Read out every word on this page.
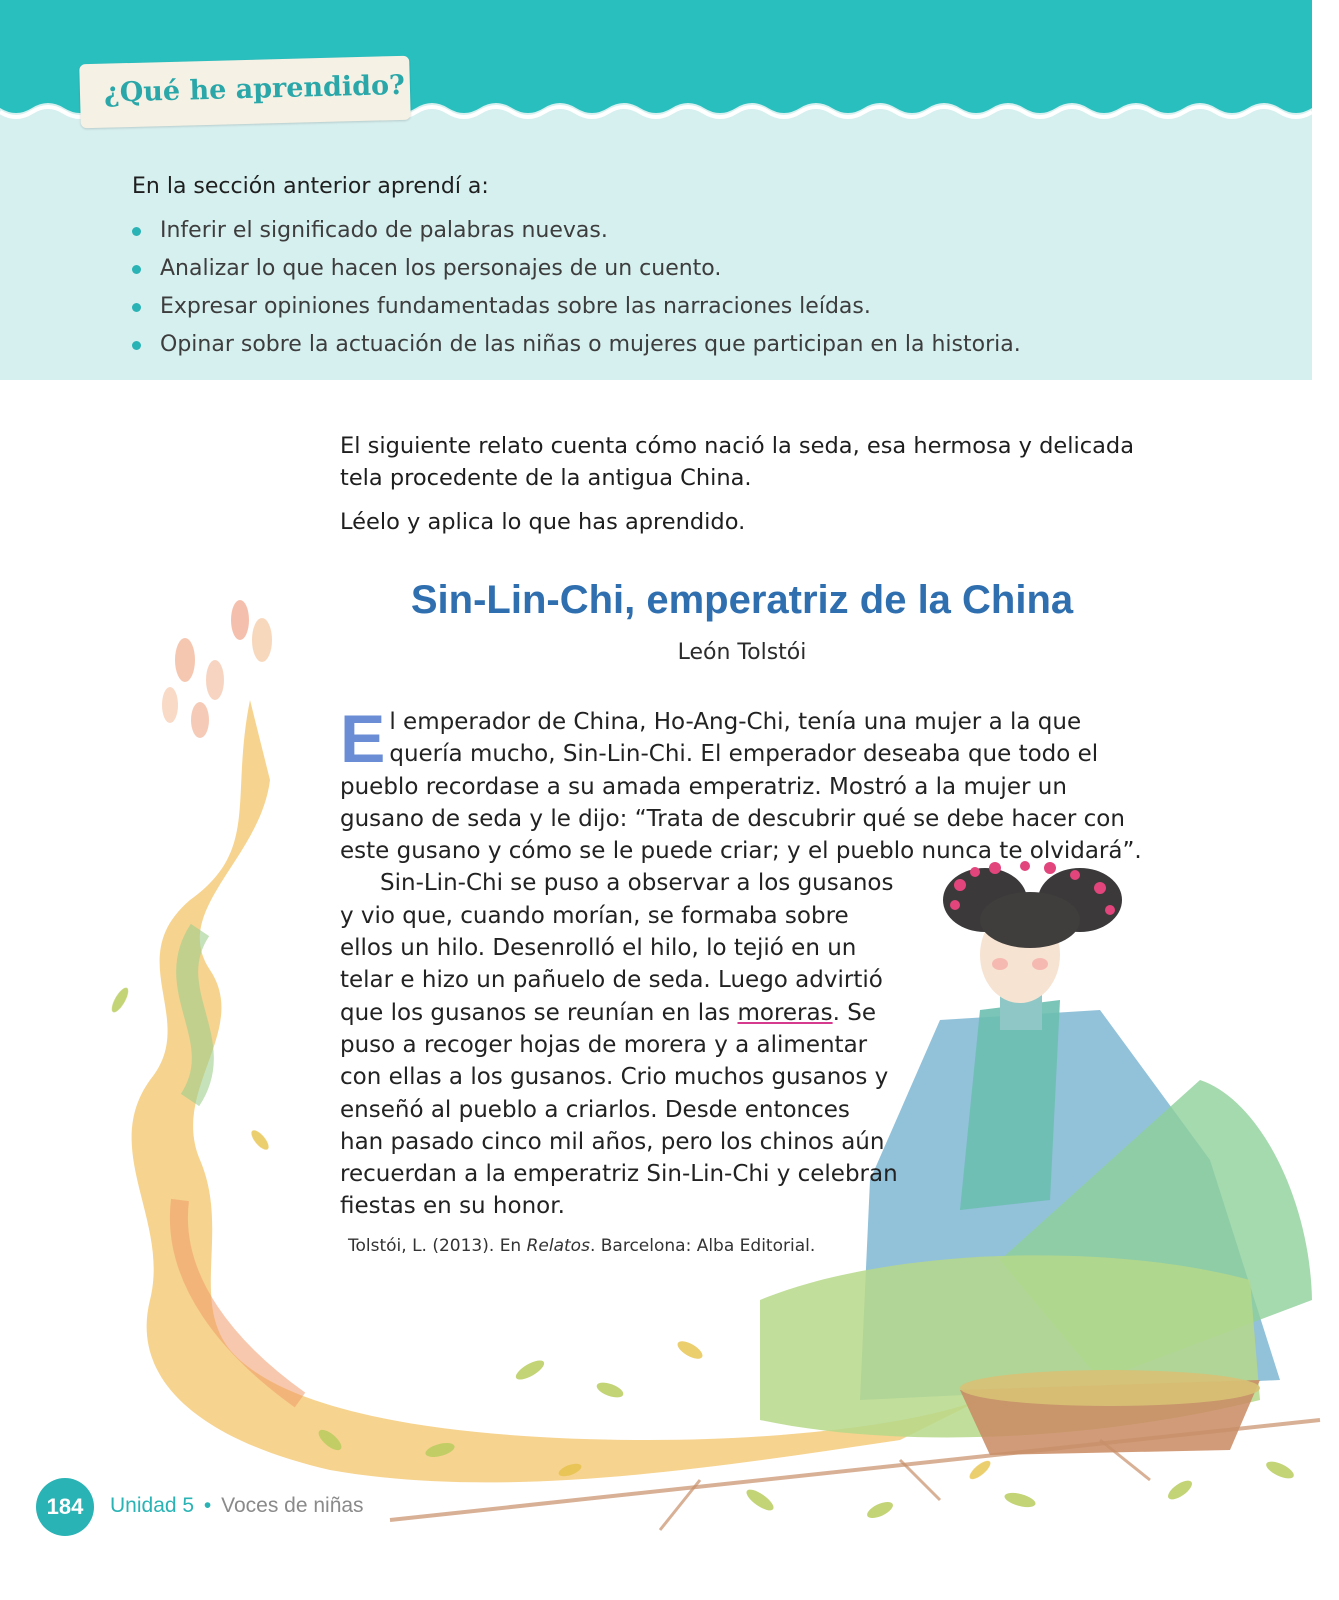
¿Qué he aprendido?
En la sección anterior aprendí a:
Inferir el significado de palabras nuevas.
Analizar lo que hacen los personajes de un cuento.
Expresar opiniones fundamentadas sobre las narraciones leídas.
Opinar sobre la actuación de las niñas o mujeres que participan en la historia.

El siguiente relato cuenta cómo nació la seda, esa hermosa y delicada tela procedente de la antigua China.

Léelo y aplica lo que has aprendido.

Sin-Lin-Chi, emperatriz de la China
León Tolstói

El emperador de China, Ho-Ang-Chi, tenía una mujer a la que quería mucho, Sin-Lin-Chi. El emperador deseaba que todo el pueblo recordase a su amada emperatriz. Mostró a la mujer un gusano de seda y le dijo: “Trata de descubrir qué se debe hacer con este gusano y cómo se le puede criar; y el pueblo nunca te olvidará”.

Sin-Lin-Chi se puso a observar a los gusanos y vio que, cuando morían, se formaba sobre ellos un hilo. Desenrolló el hilo, lo tejió en un telar e hizo un pañuelo de seda. Luego advirtió que los gusanos se reunían en las moreras. Se puso a recoger hojas de morera y a alimentar con ellas a los gusanos. Crio muchos gusanos y enseñó al pueblo a criarlos. Desde entonces han pasado cinco mil años, pero los chinos aún recuerdan a la emperatriz Sin-Lin-Chi y celebran fiestas en su honor.

Tolstói, L. (2013). En Relatos. Barcelona: Alba Editorial.
184	Unidad 5 • Voces de niñas
